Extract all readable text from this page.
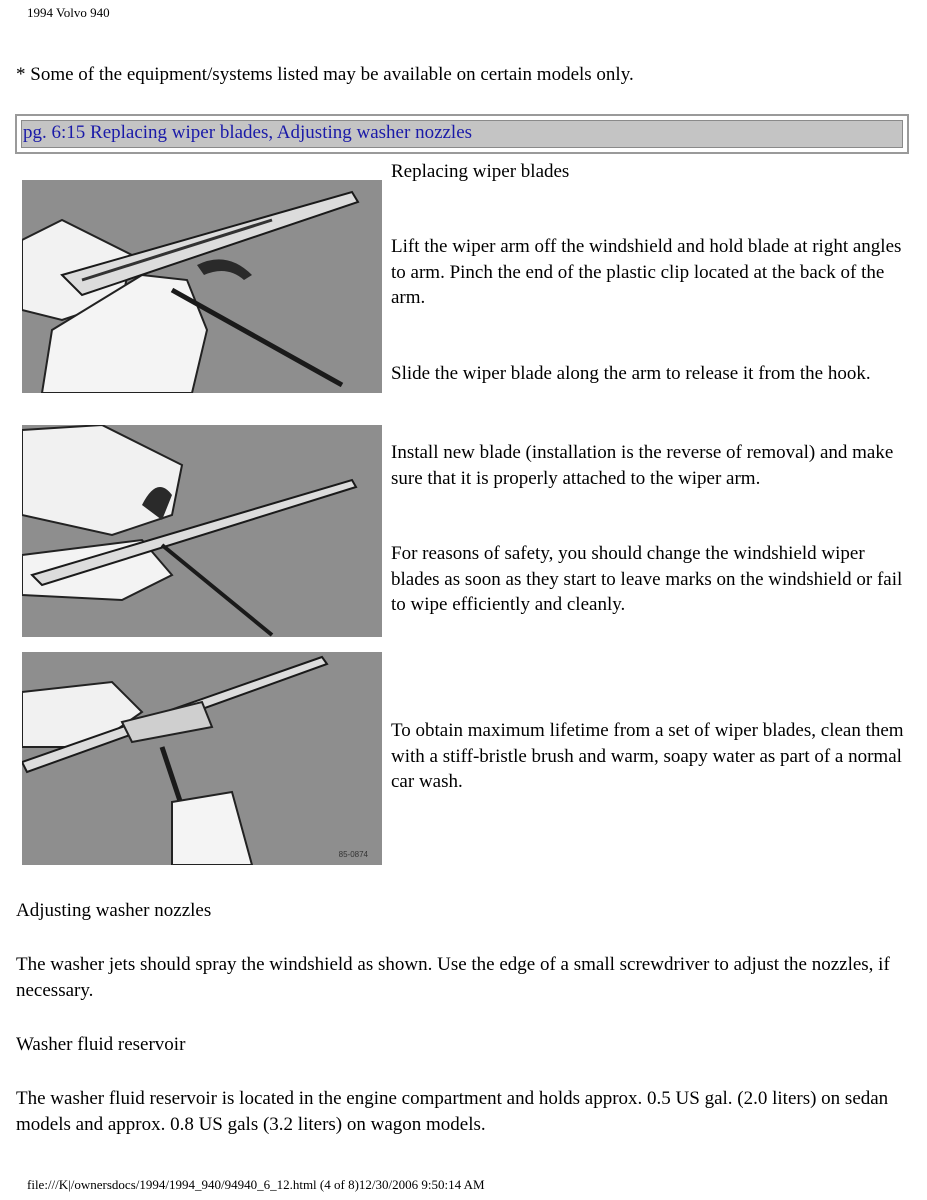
1994 Volvo 940
* Some of the equipment/systems listed may be available on certain models only.
pg. 6:15 Replacing wiper blades, Adjusting washer nozzles
85-0874
Replacing wiper blades
Lift the wiper arm off the windshield and hold blade at right angles to arm. Pinch the end of the plastic clip located at the back of the arm.
Slide the wiper blade along the arm to release it from the hook.
Install new blade (installation is the reverse of removal) and make sure that it is properly attached to the wiper arm.
For reasons of safety, you should change the windshield wiper blades as soon as they start to leave marks on the windshield or fail to wipe efficiently and cleanly.
To obtain maximum lifetime from a set of wiper blades, clean them with a stiff-bristle brush and warm, soapy water as part of a normal car wash.
Adjusting washer nozzles
The washer jets should spray the windshield as shown. Use the edge of a small screwdriver to adjust the nozzles, if necessary.
Washer fluid reservoir
The washer fluid reservoir is located in the engine compartment and holds approx. 0.5 US gal. (2.0 liters) on sedan models and approx. 0.8 US gals (3.2 liters) on wagon models.
file:///K|/ownersdocs/1994/1994_940/94940_6_12.html (4 of 8)12/30/2006 9:50:14 AM
